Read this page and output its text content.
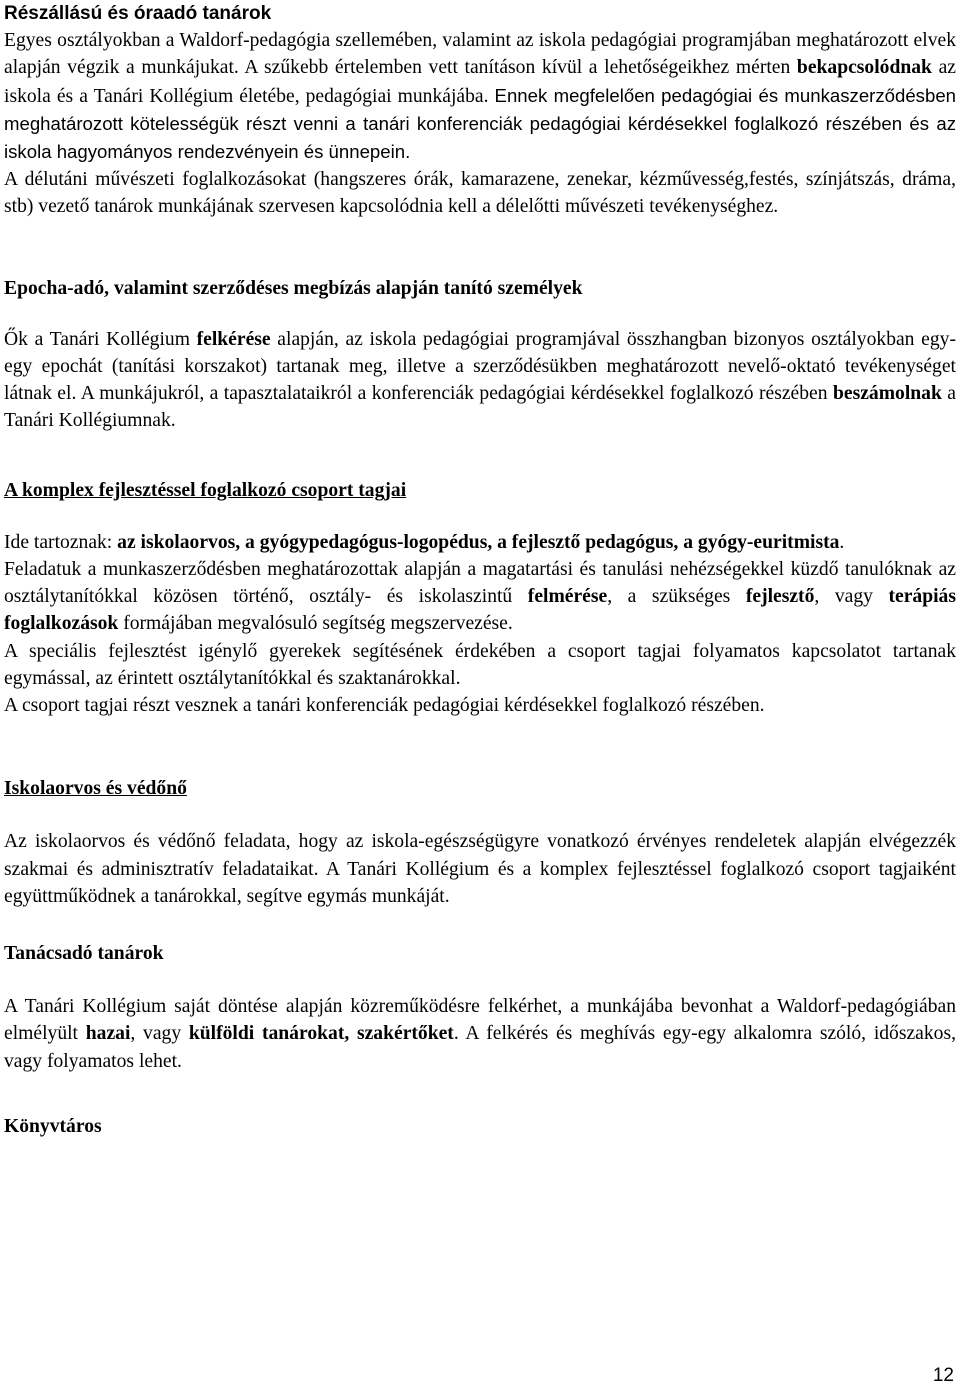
Részállású és óraadó tanárok

Egyes osztályokban a Waldorf-pedagógia szellemében, valamint az iskola pedagógiai programjában meghatározott elvek alapján végzik a munkájukat. A szűkebb értelemben vett tanításon kívül a lehetőségeikhez mérten bekapcsolódnak az iskola és a Tanári Kollégium életébe, pedagógiai munkájába. Ennek megfelelően pedagógiai és munkaszerződésben meghatározott kötelességük részt venni a tanári konferenciák pedagógiai kérdésekkel foglalkozó részében és az iskola hagyományos rendezvényein és ünnepein.

A délutáni művészeti foglalkozásokat (hangszeres órák, kamarazene, zenekar, kézművesség,festés, színjátszás, dráma, stb) vezető tanárok munkájának szervesen kapcsolódnia kell a délelőtti művészeti tevékenységhez.

Epocha-adó, valamint szerződéses megbízás alapján tanító személyek

Ők a Tanári Kollégium felkérése alapján, az iskola pedagógiai programjával összhangban bizonyos osztályokban egy-egy epochát (tanítási korszakot) tartanak meg, illetve a szerződésükben meghatározott nevelő-oktató tevékenységet látnak el. A munkájukról, a tapasztalataikról a konferenciák pedagógiai kérdésekkel foglalkozó részében beszámolnak a Tanári Kollégiumnak.

A komplex fejlesztéssel foglalkozó csoport tagjai

Ide tartoznak: az iskolaorvos, a gyógypedagógus-logopédus, a fejlesztő pedagógus, a gyógy-euritmista.

Feladatuk a munkaszerződésben meghatározottak alapján a magatartási és tanulási nehézségekkel küzdő tanulóknak az osztálytanítókkal közösen történő, osztály- és iskolaszintű felmérése, a szükséges fejlesztő, vagy terápiás foglalkozások formájában megvalósuló segítség megszervezése.

A speciális fejlesztést igénylő gyerekek segítésének érdekében a csoport tagjai folyamatos kapcsolatot tartanak egymással, az érintett osztálytanítókkal és szaktanárokkal.

A csoport tagjai részt vesznek a tanári konferenciák pedagógiai kérdésekkel foglalkozó részében.

Iskolaorvos és védőnő

Az iskolaorvos és védőnő feladata, hogy az iskola-egészségügyre vonatkozó érvényes rendeletek alapján elvégezzék szakmai és adminisztratív feladataikat. A Tanári Kollégium és a komplex fejlesztéssel foglalkozó csoport tagjaiként együttműködnek a tanárokkal, segítve egymás munkáját.

Tanácsadó tanárok

A Tanári Kollégium saját döntése alapján közreműködésre felkérhet, a munkájába bevonhat a Waldorf-pedagógiában elmélyült hazai, vagy külföldi tanárokat, szakértőket. A felkérés és meghívás egy-egy alkalomra szóló, időszakos, vagy folyamatos lehet.

Könyvtáros

12
